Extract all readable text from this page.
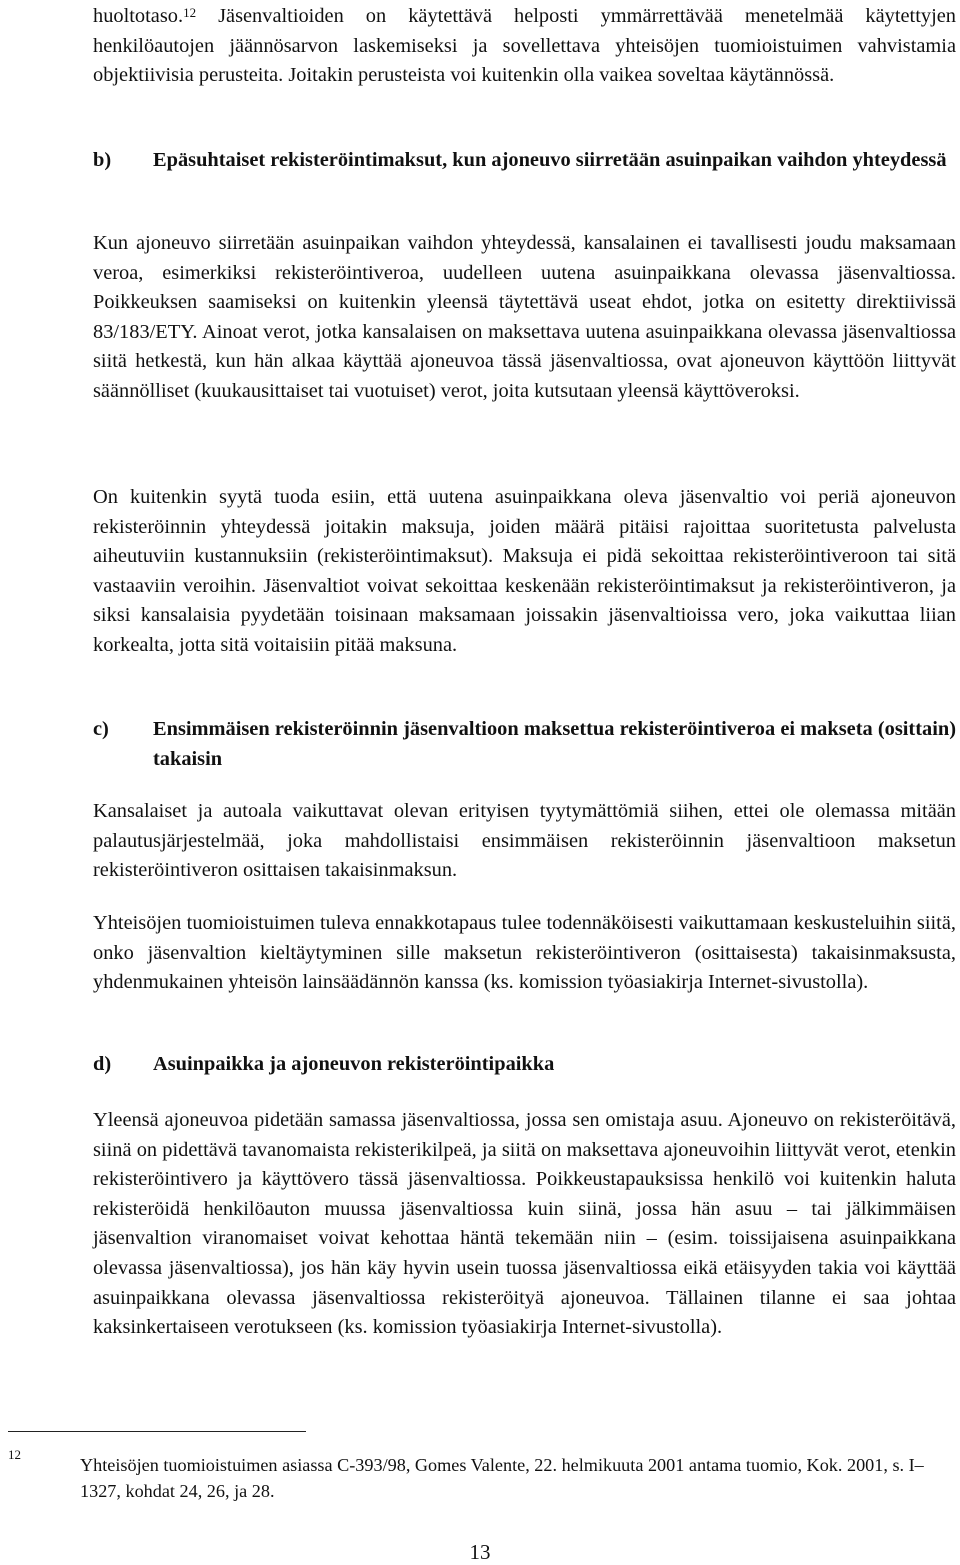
huoltotaso.$^{12}$ Jäsenvaltioiden on käytettävä helposti ymmärrettävää menetelmää käytettyjen henkilöautojen jäännösarvon laskemiseksi ja sovellettava yhteisöjen tuomioistuimen vahvistamia objektiivisia perusteita. Joitakin perusteista voi kuitenkin olla vaikea soveltaa käytännössä.

b) Epäsuhtaiset rekisteröintimaksut, kun ajoneuvo siirretään asuinpaikan vaihdon yhteydessä

Kun ajoneuvo siirretään asuinpaikan vaihdon yhteydessä, kansalainen ei tavallisesti joudu maksamaan veroa, esimerkiksi rekisteröintiveroa, uudelleen uutena asuinpaikkana olevassa jäsenvaltiossa. Poikkeuksen saamiseksi on kuitenkin yleensä täytettävä useat ehdot, jotka on esitetty direktiivissä 83/183/ETY. Ainoat verot, jotka kansalaisen on maksettava uutena asuinpaikkana olevassa jäsenvaltiossa siitä hetkestä, kun hän alkaa käyttää ajoneuvoa tässä jäsenvaltiossa, ovat ajoneuvon käyttöön liittyvät säännölliset (kuukausittaiset tai vuotuiset) verot, joita kutsutaan yleensä käyttöveroksi.

On kuitenkin syytä tuoda esiin, että uutena asuinpaikkana oleva jäsenvaltio voi periä ajoneuvon rekisteröinnin yhteydessä joitakin maksuja, joiden määrä pitäisi rajoittaa suoritetusta palvelusta aiheutuviin kustannuksiin (rekisteröintimaksut). Maksuja ei pidä sekoittaa rekisteröintiveroon tai sitä vastaaviin veroihin. Jäsenvaltiot voivat sekoittaa keskenään rekisteröintimaksut ja rekisteröintiveron, ja siksi kansalaisia pyydetään toisinaan maksamaan joissakin jäsenvaltioissa vero, joka vaikuttaa liian korkealta, jotta sitä voitaisiin pitää maksuna.

c) Ensimmäisen rekisteröinnin jäsenvaltioon maksettua rekisteröintiveroa ei makseta (osittain) takaisin

Kansalaiset ja autoala vaikuttavat olevan erityisen tyytymättömiä siihen, ettei ole olemassa mitään palautusjärjestelmää, joka mahdollistaisi ensimmäisen rekisteröinnin jäsenvaltioon maksetun rekisteröintiveron osittaisen takaisinmaksun.

Yhteisöjen tuomioistuimen tuleva ennakkotapaus tulee todennäköisesti vaikuttamaan keskusteluihin siitä, onko jäsenvaltion kieltäytyminen sille maksetun rekisteröintiveron (osittaisesta) takaisinmaksusta, yhdenmukainen yhteisön lainsäädännön kanssa (ks. komission työasiakirja Internet-sivustolla).

d) Asuinpaikka ja ajoneuvon rekisteröintipaikka

Yleensä ajoneuvoa pidetään samassa jäsenvaltiossa, jossa sen omistaja asuu. Ajoneuvo on rekisteröitävä, siinä on pidettävä tavanomaista rekisterikilpeä, ja siitä on maksettava ajoneuvoihin liittyvät verot, etenkin rekisteröintivero ja käyttövero tässä jäsenvaltiossa. Poikkeustapauksissa henkilö voi kuitenkin haluta rekisteröidä henkilöauton muussa jäsenvaltiossa kuin siinä, jossa hän asuu – tai jälkimmäisen jäsenvaltion viranomaiset voivat kehottaa häntä tekemään niin – (esim. toissijaisena asuinpaikkana olevassa jäsenvaltiossa), jos hän käy hyvin usein tuossa jäsenvaltiossa eikä etäisyyden takia voi käyttää asuinpaikkana olevassa jäsenvaltiossa rekisteröityä ajoneuvoa. Tällainen tilanne ei saa johtaa kaksinkertaiseen verotukseen (ks. komission työasiakirja Internet-sivustolla).

12

Yhteisöjen tuomioistuimen asiassa C-393/98, Gomes Valente, 22. helmikuuta 2001 antama tuomio, Kok. 2001, s. I–1327, kohdat 24, 26, ja 28.

13
